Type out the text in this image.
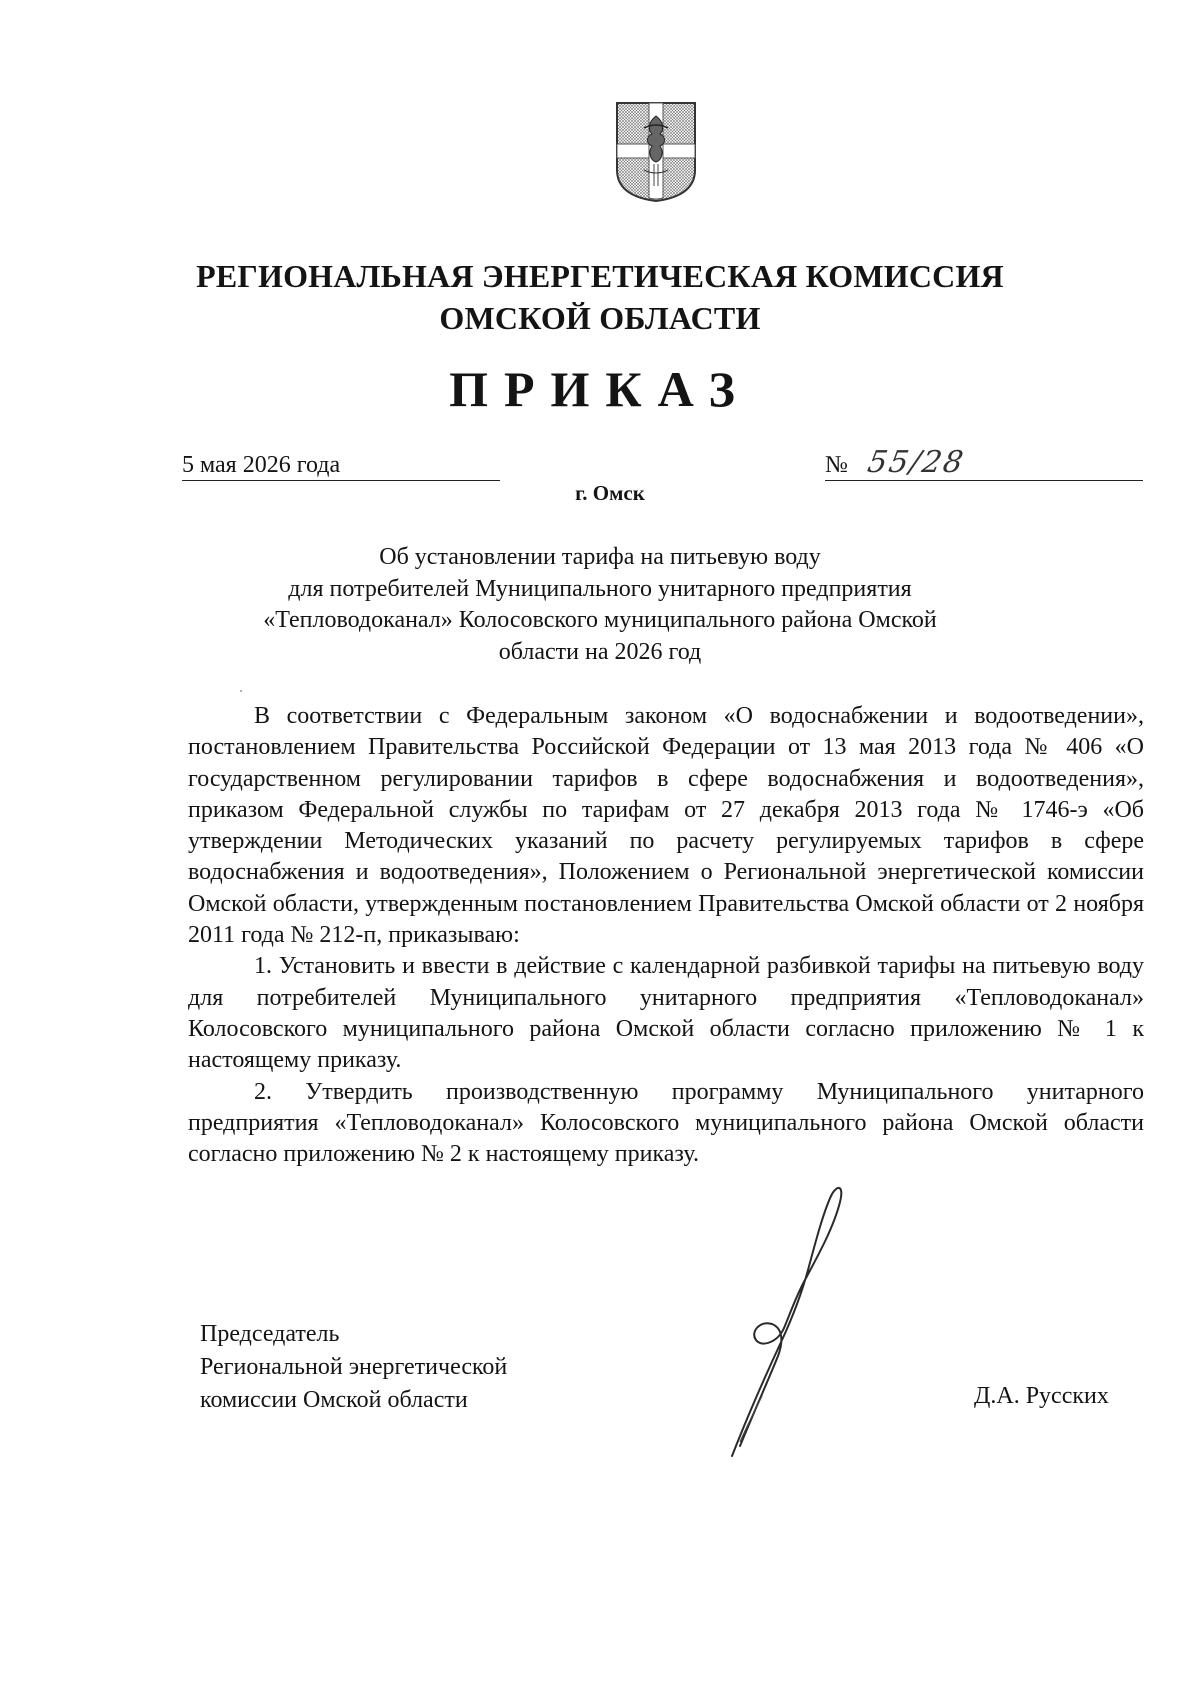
РЕГИОНАЛЬНАЯ ЭНЕРГЕТИЧЕСКАЯ КОМИССИЯ
ОМСКОЙ ОБЛАСТИ
ПРИКАЗ
5 мая 2026 года	№ 55/28
г. Омск
Об установлении тарифа на питьевую воду
для потребителей Муниципального унитарного предприятия
«Тепловодоканал» Колосовского муниципального района Омской
области на 2026 год

В соответствии с Федеральным законом «О водоснабжении и водоотведении», постановлением Правительства Российской Федерации от 13 мая 2013 года № 406 «О государственном регулировании тарифов в сфере водоснабжения и водоотведения», приказом Федеральной службы по тарифам от 27 декабря 2013 года № 1746-э «Об утверждении Методических указаний по расчету регулируемых тарифов в сфере водоснабжения и водоотведения», Положением о Региональной энергетической комиссии Омской области, утвержденным постановлением Правительства Омской области от 2 ноября 2011 года № 212-п, приказываю:

1. Установить и ввести в действие с календарной разбивкой тарифы на питьевую воду для потребителей Муниципального унитарного предприятия «Тепловодоканал» Колосовского муниципального района Омской области согласно приложению № 1 к настоящему приказу.

2. Утвердить производственную программу Муниципального унитарного предприятия «Тепловодоканал» Колосовского муниципального района Омской области согласно приложению № 2 к настоящему приказу.

Председатель
Региональной энергетической
комиссии Омской области	Д.А. Русских
